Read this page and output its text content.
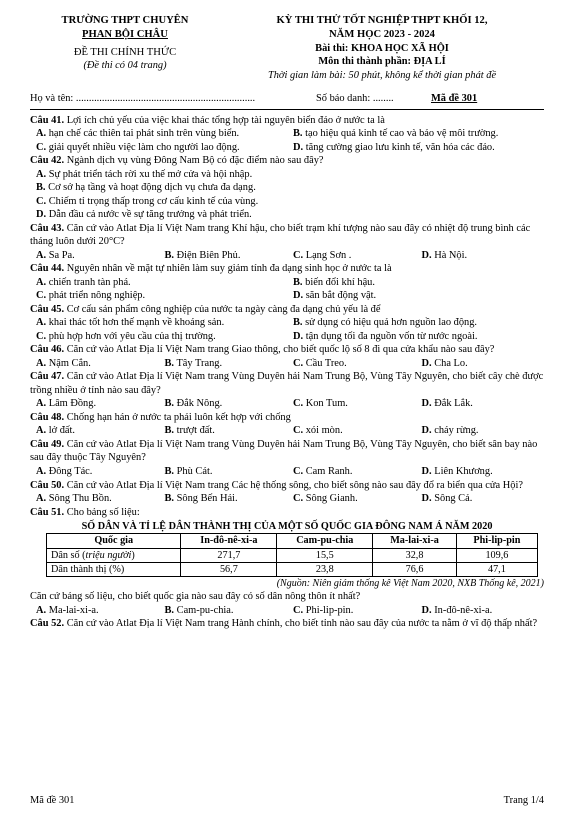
TRƯỜNG THPT CHUYÊN
PHAN BỘI CHÂU
ĐỀ THI CHÍNH THỨC
(Đề thi có 04 trang)
KỲ THI THỬ TỐT NGHIỆP THPT KHỐI 12,
NĂM HỌC 2023 - 2024
Bài thi: KHOA HỌC XÃ HỘI
Môn thi thành phần: ĐỊA LÍ
Thời gian làm bài: 50 phút, không kể thời gian phát đề
Họ và tên: .....................................................................	Số báo danh: ........	Mã đề 301
Câu 41. Lợi ích chủ yếu của việc khai thác tổng hợp tài nguyên biển đảo ở nước ta là
A. hạn chế các thiên tai phát sinh trên vùng biển.	B. tạo hiệu quả kinh tế cao và bảo vệ môi trường.
C. giải quyết nhiều việc làm cho người lao động.	D. tăng cường giao lưu kinh tế, văn hóa các đảo.
Câu 42. Ngành dịch vụ vùng Đông Nam Bộ có đặc điểm nào sau đây?
A. Sự phát triển tách rời xu thế mở cửa và hội nhập.
B. Cơ sở hạ tầng và hoạt động dịch vụ chưa đa dạng.
C. Chiếm tỉ trọng thấp trong cơ cấu kinh tế của vùng.
D. Dẫn đầu cả nước về sự tăng trưởng và phát triển.
Câu 43. Căn cứ vào Atlat Địa lí Việt Nam trang Khí hậu, cho biết trạm khí tượng nào sau đây có nhiệt độ trung bình các tháng luôn dưới 20°C?
A. Sa Pa.	B. Điện Biên Phủ.	C. Lạng Sơn .	D. Hà Nội.
Câu 44. Nguyên nhân về mặt tự nhiên làm suy giảm tính đa dạng sinh học ở nước ta là
A. chiến tranh tàn phá.	B. biến đổi khí hậu.
C. phát triển nông nghiệp.	D. săn bắt động vật.
Câu 45. Cơ cấu sản phẩm công nghiệp của nước ta ngày càng đa dạng chủ yếu là để
A. khai thác tốt hơn thế mạnh về khoáng sản.	B. sử dụng có hiệu quả hơn nguồn lao động.
C. phù hợp hơn với yêu cầu của thị trường.	D. tận dụng tối đa nguồn vốn từ nước ngoài.
Câu 46. Căn cứ vào Atlat Địa lí Việt Nam trang Giao thông, cho biết quốc lộ số 8 đi qua cửa khẩu nào sau đây?
A. Nậm Cắn.	B. Tây Trang.	C. Cầu Treo.	D. Cha Lo.
Câu 47. Căn cứ vào Atlat Địa lí Việt Nam trang Vùng Duyên hải Nam Trung Bộ, Vùng Tây Nguyên, cho biết cây chè được trồng nhiều ở tỉnh nào sau đây?
A. Lâm Đồng.	B. Đắk Nông.	C. Kon Tum.	D. Đắk Lắk.
Câu 48. Chống hạn hán ở nước ta phải luôn kết hợp với chống
A. lở đất.	B. trượt đất.	C. xói mòn.	D. cháy rừng.
Câu 49. Căn cứ vào Atlat Địa lí Việt Nam trang Vùng Duyên hải Nam Trung Bộ, Vùng Tây Nguyên, cho biết sân bay nào sau đây thuộc Tây Nguyên?
A. Đông Tác.	B. Phù Cát.	C. Cam Ranh.	D. Liên Khương.
Câu 50. Căn cứ vào Atlat Địa lí Việt Nam trang Các hệ thống sông, cho biết sông nào sau đây đổ ra biển qua cửa Hội?
A. Sông Thu Bồn.	B. Sông Bến Hải.	C. Sông Gianh.	D. Sông Cả.
Câu 51. Cho bảng số liệu:
SỐ DÂN VÀ TỈ LỆ DÂN THÀNH THỊ CỦA MỘT SỐ QUỐC GIA ĐÔNG NAM Á NĂM 2020
Quốc gia	In-đô-nê-xi-a	Cam-pu-chia	Ma-lai-xi-a	Phi-lip-pin
Dân số (triệu người)	271,7	15,5	32,8	109,6
Dân thành thị (%)	56,7	23,8	76,6	47,1
(Nguồn: Niên giám thống kê Việt Nam 2020, NXB Thống kê, 2021)
Căn cứ bảng số liệu, cho biết quốc gia nào sau đây có số dân nông thôn ít nhất?
A. Ma-lai-xi-a.	B. Cam-pu-chia.	C. Phi-lip-pin.	D. In-đô-nê-xi-a.
Câu 52. Căn cứ vào Atlat Địa lí Việt Nam trang Hành chính, cho biết tỉnh nào sau đây của nước ta nằm ở vĩ độ thấp nhất?
Mã đề 301	Trang 1/4
